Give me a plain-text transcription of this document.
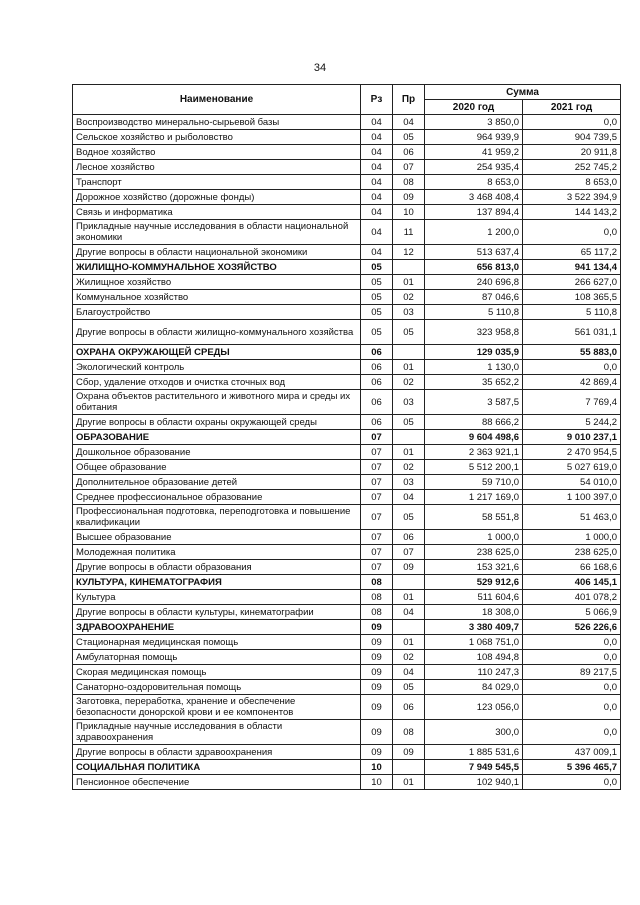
34
Наименование	Рз	Пр	Сумма	
			2020 год	2021 год
Воспроизводство минерально-сырьевой базы	04	04	3 850,0	0,0
Сельское хозяйство и рыболовство	04	05	964 939,9	904 739,5
Водное хозяйство	04	06	41 959,2	20 911,8
Лесное хозяйство	04	07	254 935,4	252 745,2
Транспорт	04	08	8 653,0	8 653,0
Дорожное хозяйство (дорожные фонды)	04	09	3 468 408,4	3 522 394,9
Связь и информатика	04	10	137 894,4	144 143,2
Прикладные научные исследования в области национальной экономики	04	11	1 200,0	0,0
Другие вопросы в области национальной экономики	04	12	513 637,4	65 117,2
ЖИЛИЩНО-КОММУНАЛЬНОЕ ХОЗЯЙСТВО	05		656 813,0	941 134,4
Жилищное хозяйство	05	01	240 696,8	266 627,0
Коммунальное хозяйство	05	02	87 046,6	108 365,5
Благоустройство	05	03	5 110,8	5 110,8
Другие вопросы в области жилищно-коммунального хозяйства	05	05	323 958,8	561 031,1
ОХРАНА ОКРУЖАЮЩЕЙ СРЕДЫ	06		129 035,9	55 883,0
Экологический контроль	06	01	1 130,0	0,0
Сбор, удаление отходов и очистка сточных вод	06	02	35 652,2	42 869,4
Охрана объектов растительного и животного мира и среды их обитания	06	03	3 587,5	7 769,4
Другие вопросы в области охраны окружающей среды	06	05	88 666,2	5 244,2
ОБРАЗОВАНИЕ	07		9 604 498,6	9 010 237,1
Дошкольное образование	07	01	2 363 921,1	2 470 954,5
Общее образование	07	02	5 512 200,1	5 027 619,0
Дополнительное образование детей	07	03	59 710,0	54 010,0
Среднее профессиональное образование	07	04	1 217 169,0	1 100 397,0
Профессиональная подготовка, переподготовка и повышение квалификации	07	05	58 551,8	51 463,0
Высшее образование	07	06	1 000,0	1 000,0
Молодежная политика	07	07	238 625,0	238 625,0
Другие вопросы в области образования	07	09	153 321,6	66 168,6
КУЛЬТУРА, КИНЕМАТОГРАФИЯ	08		529 912,6	406 145,1
Культура	08	01	511 604,6	401 078,2
Другие вопросы в области культуры, кинематографии	08	04	18 308,0	5 066,9
ЗДРАВООХРАНЕНИЕ	09		3 380 409,7	526 226,6
Стационарная медицинская помощь	09	01	1 068 751,0	0,0
Амбулаторная помощь	09	02	108 494,8	0,0
Скорая медицинская помощь	09	04	110 247,3	89 217,5
Санаторно-оздоровительная помощь	09	05	84 029,0	0,0
Заготовка, переработка, хранение и обеспечение безопасности донорской крови и ее компонентов	09	06	123 056,0	0,0
Прикладные научные исследования в области здравоохранения	09	08	300,0	0,0
Другие вопросы в области здравоохранения	09	09	1 885 531,6	437 009,1
СОЦИАЛЬНАЯ ПОЛИТИКА	10		7 949 545,5	5 396 465,7
Пенсионное обеспечение	10	01	102 940,1	0,0
